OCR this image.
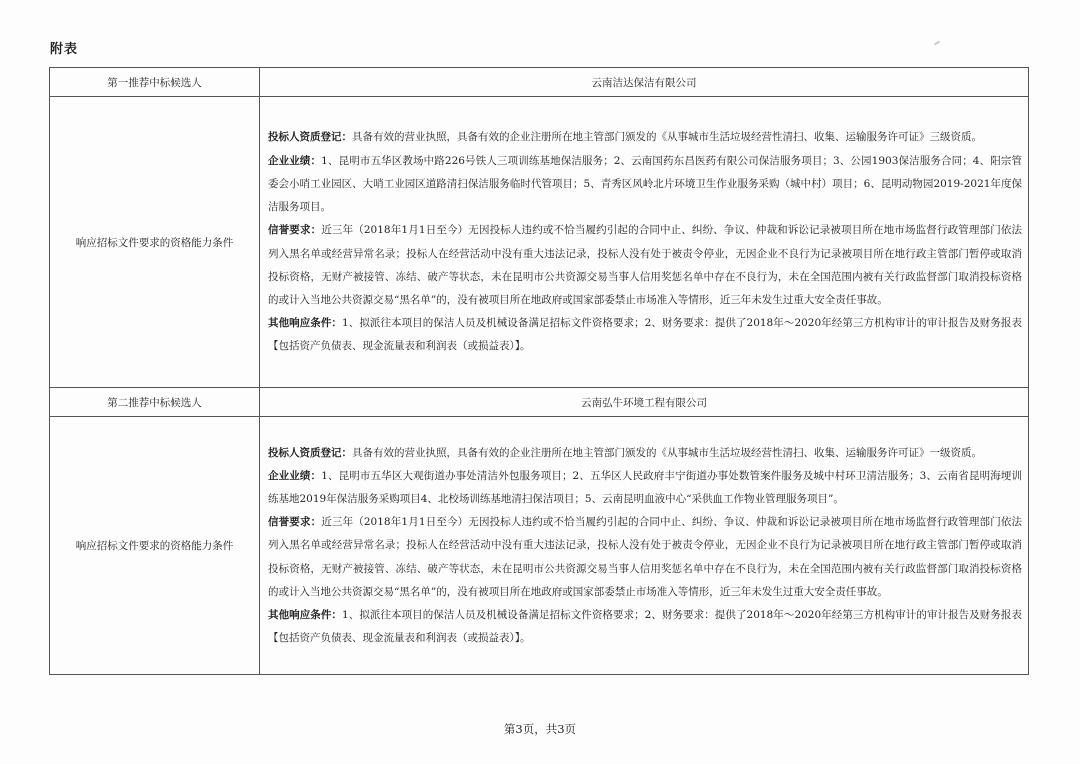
附表
第一推荐中标候选人	云南洁达保洁有限公司
响应招标文件要求的资格能力条件	投标人资质登记：具备有效的营业执照，具备有效的企业注册所在地主管部门颁发的《从事城市生活垃圾经营性清扫、收集、运输服务许可证》三级资质。

企业业绩：1、昆明市五华区教场中路226号铁人三项训练基地保洁服务；2、云南国药东昌医药有限公司保洁服务项目；3、公园1903保洁服务合同；4、阳宗管委会小哨工业园区、大哨工业园区道路清扫保洁服务临时代管项目；5、青秀区风岭北片环境卫生作业服务采购（城中村）项目；6、昆明动物园2019-2021年度保洁服务项目。

信誉要求：近三年（2018年1月1日至今）无因投标人违约或不恰当履约引起的合同中止、纠纷、争议、仲裁和诉讼记录被项目所在地市场监督行政管理部门依法列入黑名单或经营异常名录；投标人在经营活动中没有重大违法记录，投标人没有处于被责令停业，无因企业不良行为记录被项目所在地行政主管部门暂停或取消投标资格，无财产被接管、冻结、破产等状态，未在昆明市公共资源交易当事人信用奖惩名单中存在不良行为，未在全国范围内被有关行政监督部门取消投标资格的或计入当地公共资源交易“黑名单”的，没有被项目所在地政府或国家部委禁止市场准入等情形，近三年未发生过重大安全责任事故。

其他响应条件：1、拟派往本项目的保洁人员及机械设备满足招标文件资格要求；2、财务要求：提供了2018年～2020年经第三方机构审计的审计报告及财务报表【包括资产负债表、现金流量表和利润表（或损益表）】。

第二推荐中标候选人	云南弘牛环境工程有限公司
响应招标文件要求的资格能力条件	投标人资质登记：具备有效的营业执照，具备有效的企业注册所在地主管部门颁发的《从事城市生活垃圾经营性清扫、收集、运输服务许可证》一级资质。

企业业绩：1、昆明市五华区大观街道办事处清洁外包服务项目；2、五华区人民政府丰宁街道办事处数管案件服务及城中村环卫清洁服务；3、云南省昆明海埂训练基地2019年保洁服务采购项目4、北校场训练基地清扫保洁项目；5、云南昆明血液中心“采供血工作物业管理服务项目”。

信誉要求：近三年（2018年1月1日至今）无因投标人违约或不恰当履约引起的合同中止、纠纷、争议、仲裁和诉讼记录被项目所在地市场监督行政管理部门依法列入黑名单或经营异常名录；投标人在经营活动中没有重大违法记录，投标人没有处于被责令停业，无因企业不良行为记录被项目所在地行政主管部门暂停或取消投标资格，无财产被接管、冻结、破产等状态，未在昆明市公共资源交易当事人信用奖惩名单中存在不良行为，未在全国范围内被有关行政监督部门取消投标资格的或计入当地公共资源交易“黑名单”的，没有被项目所在地政府或国家部委禁止市场准入等情形，近三年未发生过重大安全责任事故。

其他响应条件：1、拟派往本项目的保洁人员及机械设备满足招标文件资格要求；2、财务要求：提供了2018年～2020年经第三方机构审计的审计报告及财务报表【包括资产负债表、现金流量表和利润表（或损益表）】。

第3页，共3页
